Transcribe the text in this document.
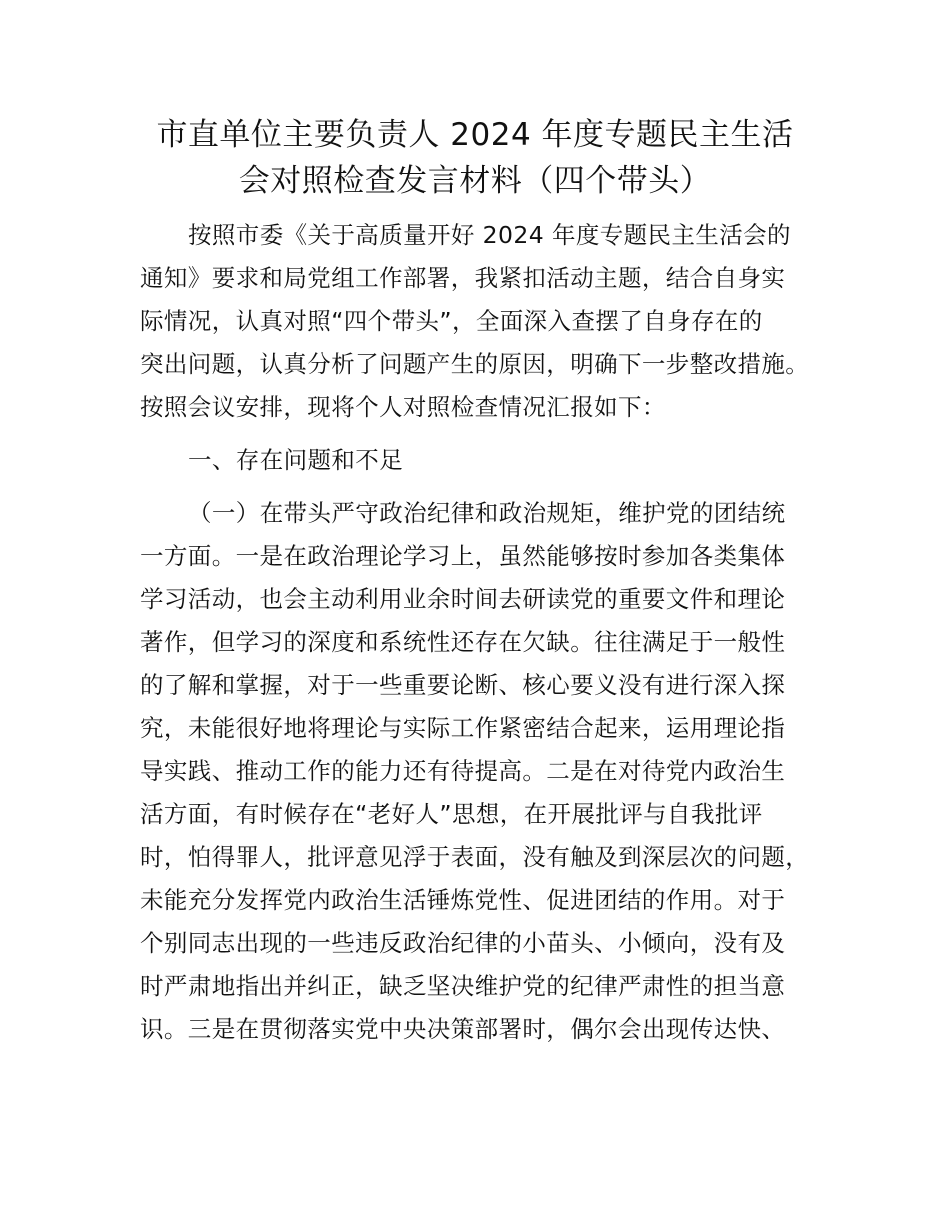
市直单位主要负责人 2024 年度专题民主生活
会对照检查发言材料（四个带头）
按照市委《关于高质量开好 2024 年度专题民主生活会的
通知》要求和局党组工作部署，我紧扣活动主题，结合自身实
际情况，认真对照“四个带头”，全面深入查摆了自身存在的
突出问题，认真分析了问题产生的原因，明确下一步整改措施。
按照会议安排，现将个人对照检查情况汇报如下：
一、存在问题和不足
（一）在带头严守政治纪律和政治规矩，维护党的团结统
一方面。一是在政治理论学习上，虽然能够按时参加各类集体
学习活动，也会主动利用业余时间去研读党的重要文件和理论
著作，但学习的深度和系统性还存在欠缺。往往满足于一般性
的了解和掌握，对于一些重要论断、核心要义没有进行深入探
究，未能很好地将理论与实际工作紧密结合起来，运用理论指
导实践、推动工作的能力还有待提高。二是在对待党内政治生
活方面，有时候存在“老好人”思想，在开展批评与自我批评
时，怕得罪人，批评意见浮于表面，没有触及到深层次的问题，
未能充分发挥党内政治生活锤炼党性、促进团结的作用。对于
个别同志出现的一些违反政治纪律的小苗头、小倾向，没有及
时严肃地指出并纠正，缺乏坚决维护党的纪律严肃性的担当意
识。三是在贯彻落实党中央决策部署时，偶尔会出现传达快、
